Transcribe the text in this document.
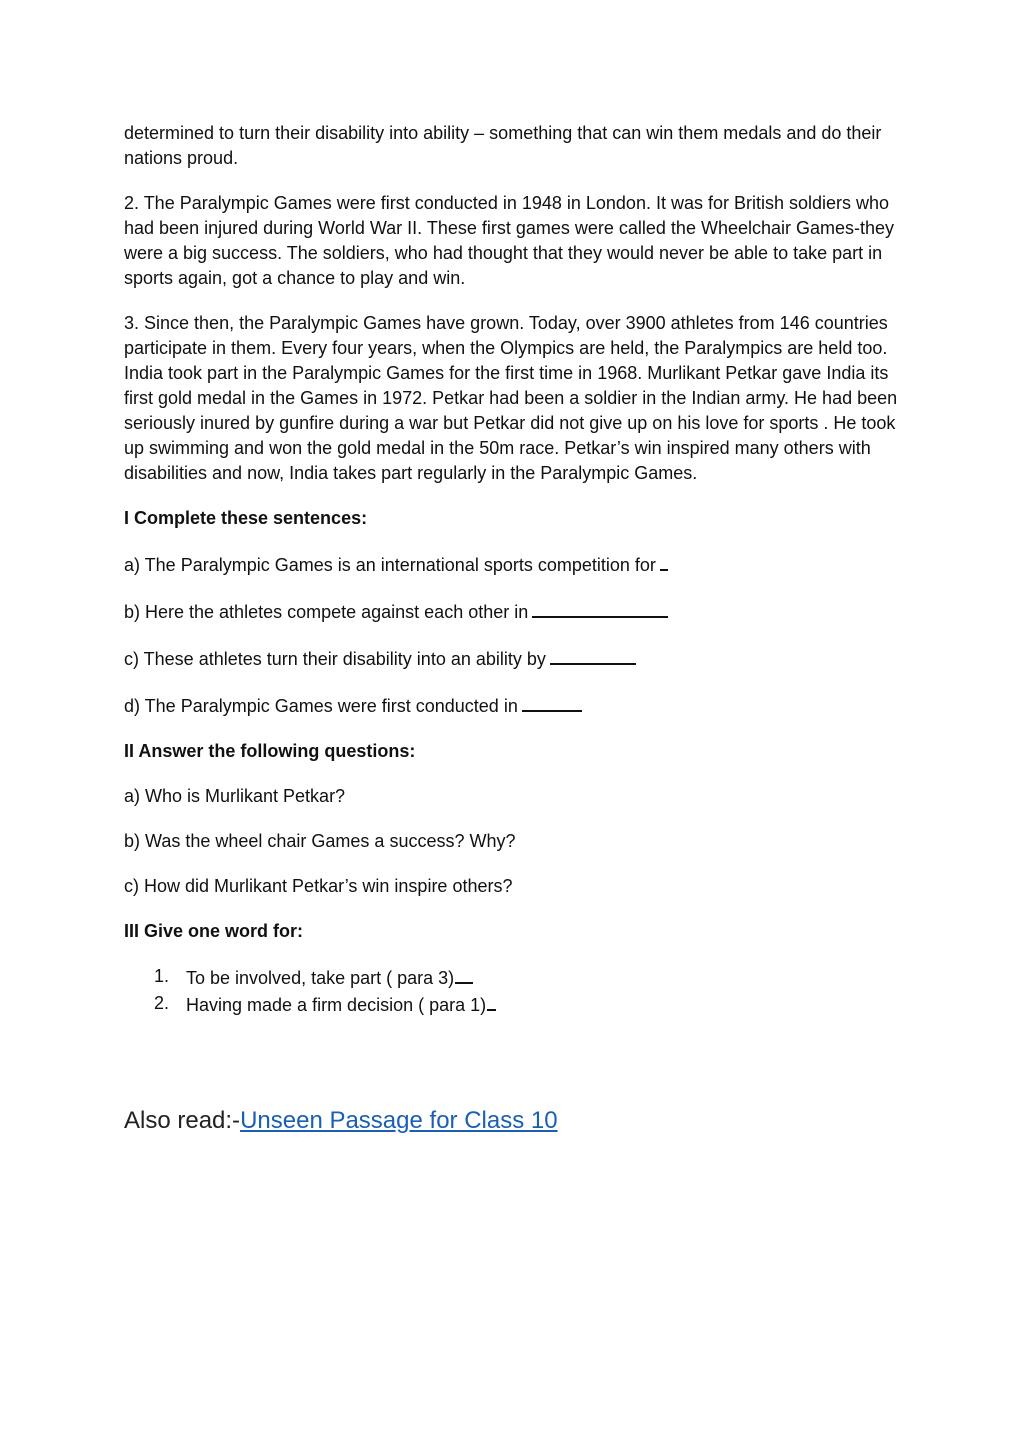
determined to turn their disability into ability – something that can win them medals and do their nations proud.

2. The Paralympic Games were first conducted in 1948 in London. It was for British soldiers who had been injured during World War II. These first games were called the Wheelchair Games-they were a big success. The soldiers, who had thought that they would never be able to take part in sports again, got a chance to play and win.

3. Since then, the Paralympic Games have grown. Today, over 3900 athletes from 146 countries participate in them. Every four years, when the Olympics are held, the Paralympics are held too. India took part in the Paralympic Games for the first time in 1968. Murlikant Petkar gave India its first gold medal in the Games in 1972. Petkar had been a soldier in the Indian army. He had been seriously inured by gunfire during a war but Petkar did not give up on his love for sports . He took up swimming and won the gold medal in the 50m race. Petkar’s win inspired many others with disabilities and now, India takes part regularly in the Paralympic Games.

I Complete these sentences:

a) The Paralympic Games is an international sports competition for

b) Here the athletes compete against each other in

c) These athletes turn their disability into an ability by

d) The Paralympic Games were first conducted in

II Answer the following questions:

a) Who is Murlikant Petkar?

b) Was the wheel chair Games a success? Why?

c) How did Murlikant Petkar’s win inspire others?

III Give one word for:

1. To be involved, take part ( para 3)
2. Having made a firm decision ( para 1)
Also read:-Unseen Passage for Class 10
